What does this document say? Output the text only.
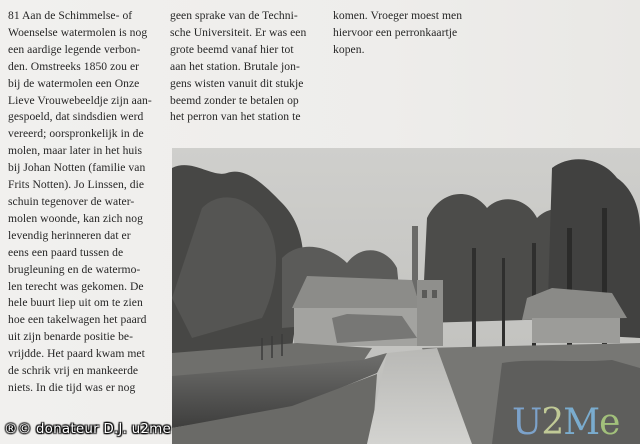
81 Aan de Schimmelse- of
Woenselse watermolen is nog
een aardige legende verbon-
den. Omstreeks 1850 zou er
bij de watermolen een Onze
Lieve Vrouwebeeldje zijn aan-
gespoeld, dat sindsdien werd
vereerd; oorspronkelijk in de
molen, maar later in het huis
bij Johan Notten (familie van
Frits Notten). Jo Linssen, die
schuin tegenover de water-
molen woonde, kan zich nog
levendig herinneren dat er
eens een paard tussen de
brugleuning en de watermo-
len terecht was gekomen. De
hele buurt liep uit om te zien
hoe een takelwagen het paard
uit zijn benarde positie be-
vrijdde. Het paard kwam met
de schrik vrij en mankeerde
niets. In die tijd was er nog
geen sprake van de Techni-
sche Universiteit. Er was een
grote beemd vanaf hier tot
aan het station. Brutale jon-
gens wisten vanuit dit stukje
beemd zonder te betalen op
het perron van het station te
komen. Vroeger moest men
hiervoor een perronkaartje
kopen.
®© donateur D.J. u2me	U2Me
